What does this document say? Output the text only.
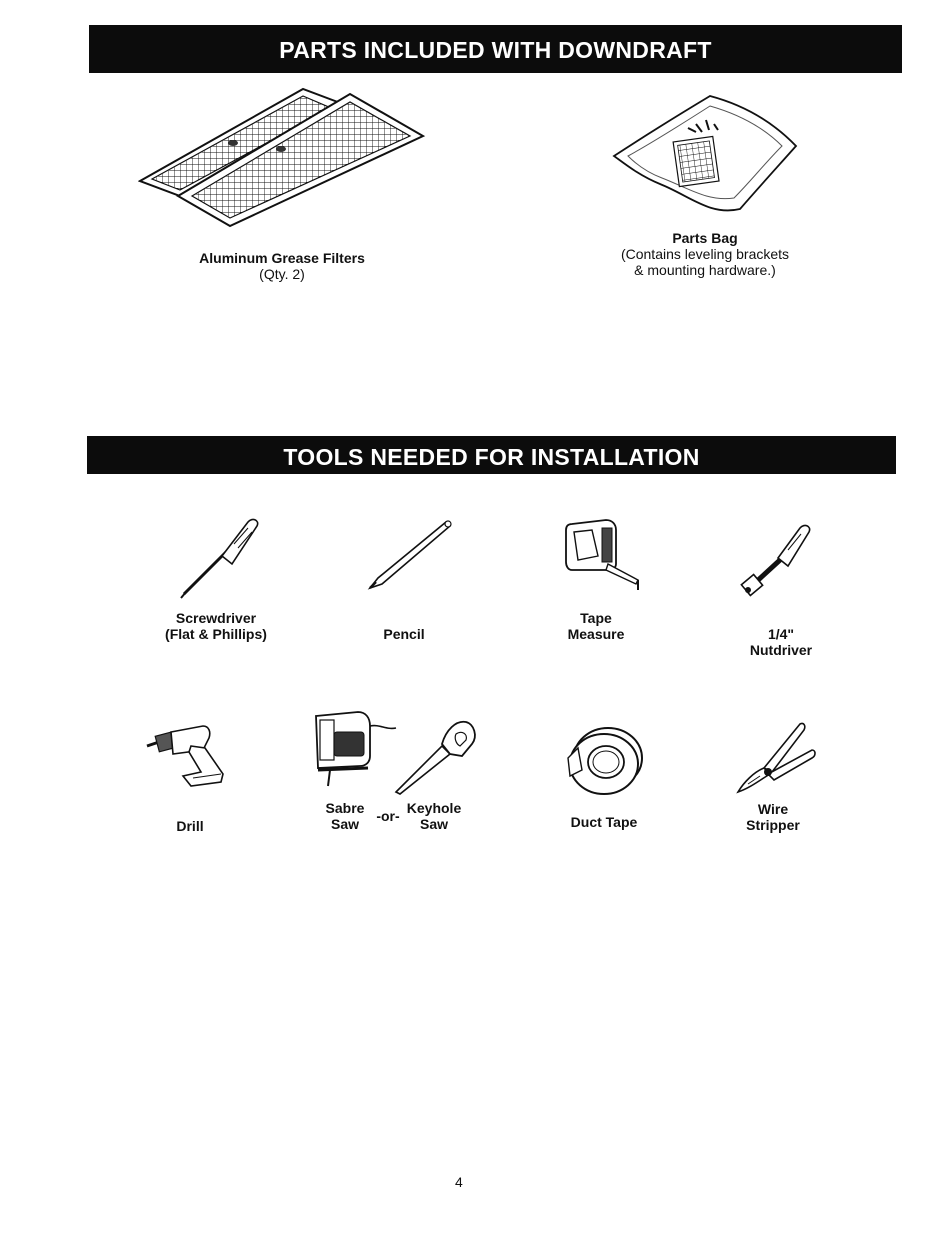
PARTS INCLUDED WITH DOWNDRAFT
Aluminum Grease Filters
(Qty. 2)
Parts Bag
(Contains leveling brackets
& mounting hardware.)
TOOLS NEEDED FOR INSTALLATION
Screwdriver
(Flat & Phillips)	Pencil
Tape
Measure	1/4"
Nutdriver
Drill
Sabre
Saw	-or- Keyhole
Saw	Duct Tape
Wire
Stripper
4
